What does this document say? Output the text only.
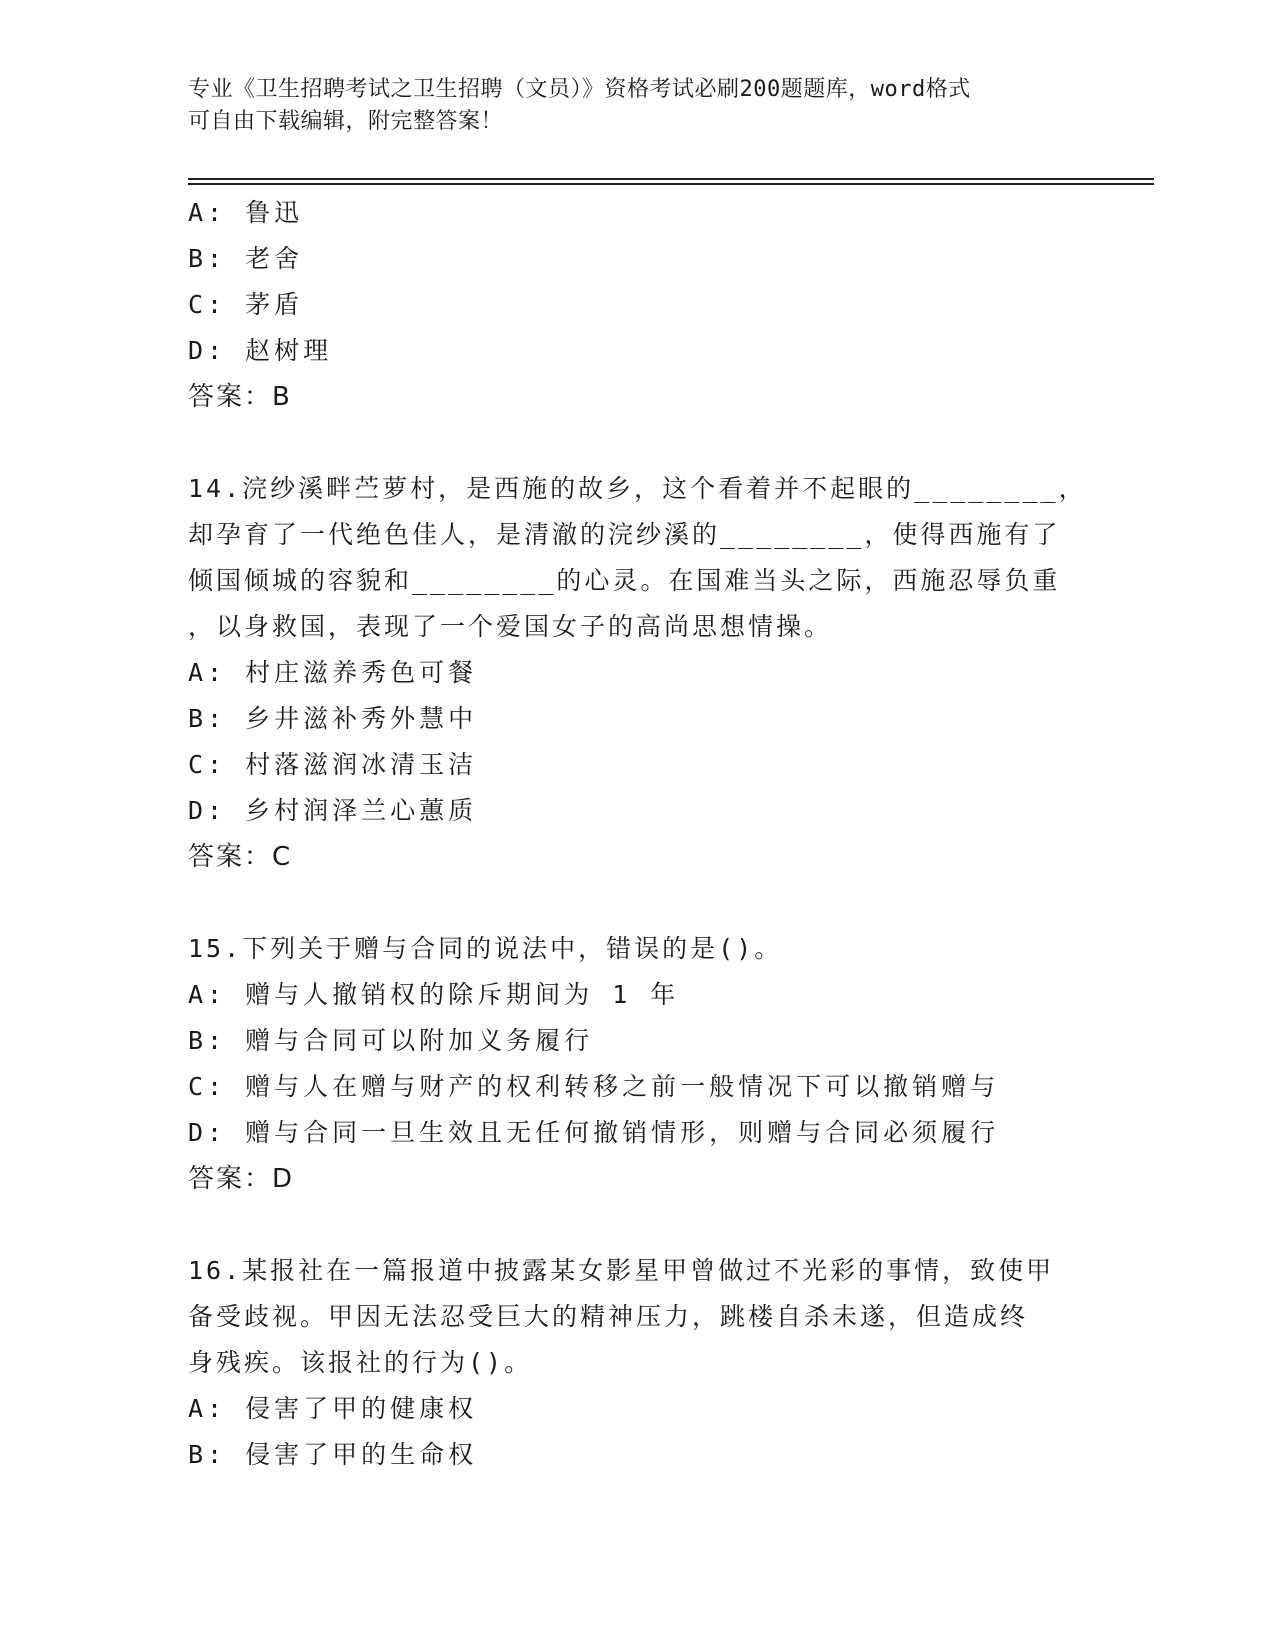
专业《卫生招聘考试之卫生招聘（文员）》资格考试必刷200题题库，word格式
可自由下载编辑，附完整答案！
A: 鲁迅
B: 老舍
C: 茅盾
D: 赵树理
答案：B
14.浣纱溪畔苎萝村，是西施的故乡，这个看着并不起眼的________，
却孕育了一代绝色佳人，是清澈的浣纱溪的________，使得西施有了
倾国倾城的容貌和________的心灵。在国难当头之际，西施忍辱负重
，以身救国，表现了一个爱国女子的高尚思想情操。
A: 村庄滋养秀色可餐
B: 乡井滋补秀外慧中
C: 村落滋润冰清玉洁
D: 乡村润泽兰心蕙质
答案：C
15.下列关于赠与合同的说法中，错误的是()。
A: 赠与人撤销权的除斥期间为 1 年
B: 赠与合同可以附加义务履行
C: 赠与人在赠与财产的权利转移之前一般情况下可以撤销赠与
D: 赠与合同一旦生效且无任何撤销情形，则赠与合同必须履行
答案：D
16.某报社在一篇报道中披露某女影星甲曾做过不光彩的事情，致使甲
备受歧视。甲因无法忍受巨大的精神压力，跳楼自杀未遂，但造成终
身残疾。该报社的行为()。
A: 侵害了甲的健康权
B: 侵害了甲的生命权
